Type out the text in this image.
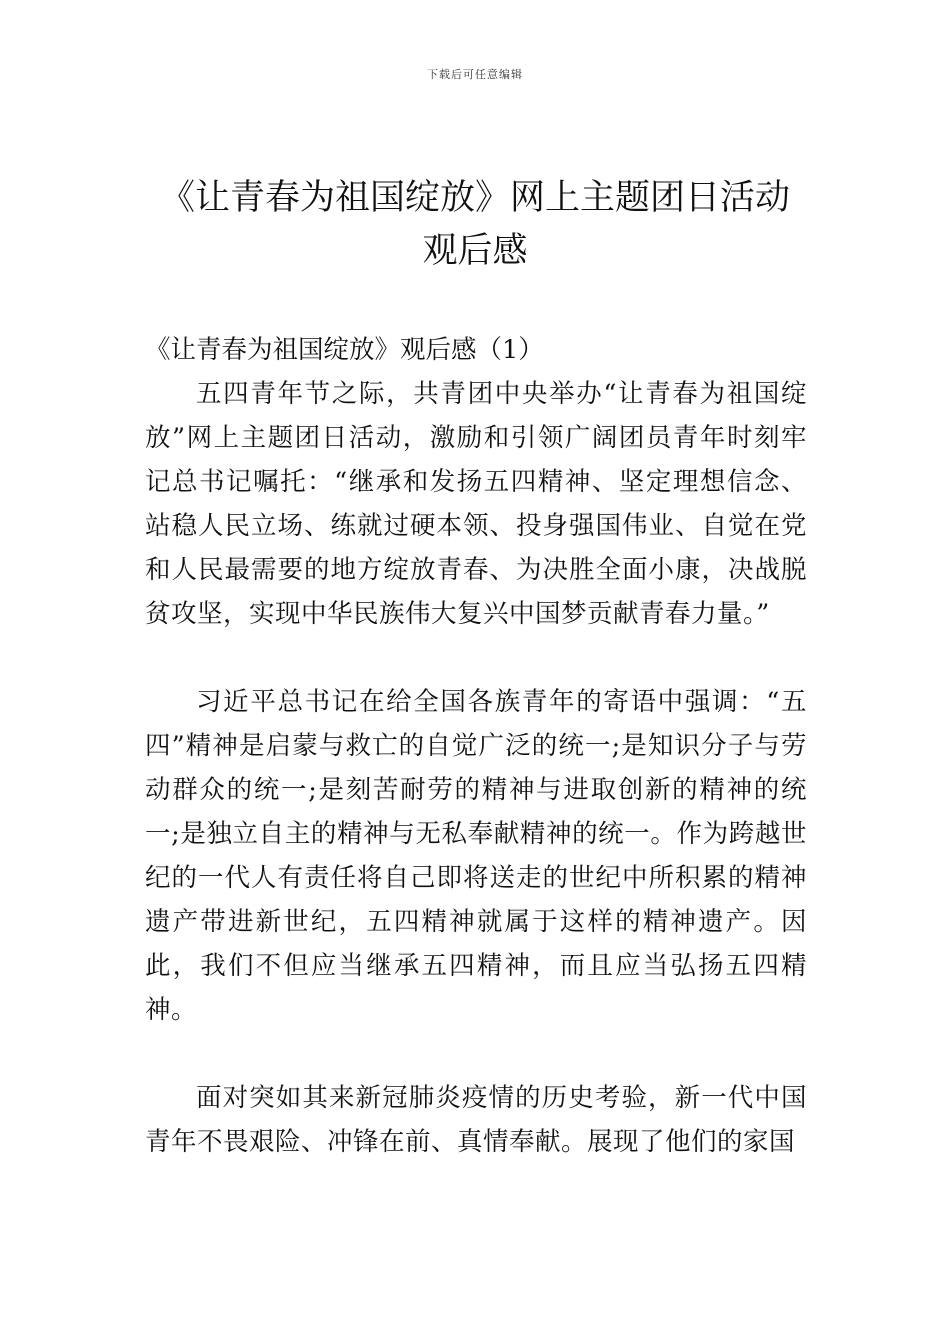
下载后可任意编辑
《让青春为祖国绽放》网上主题团日活动
观后感

《让青春为祖国绽放》观后感（1）

五四青年节之际，共青团中央举办“让青春为祖国绽放”网上主题团日活动，激励和引领广阔团员青年时刻牢记总书记嘱托：“继承和发扬五四精神、坚定理想信念、站稳人民立场、练就过硬本领、投身强国伟业、自觉在党和人民最需要的地方绽放青春、为决胜全面小康，决战脱贫攻坚，实现中华民族伟大复兴中国梦贡献青春力量。”

习近平总书记在给全国各族青年的寄语中强调：“五四”精神是启蒙与救亡的自觉广泛的统一;是知识分子与劳动群众的统一;是刻苦耐劳的精神与进取创新的精神的统一;是独立自主的精神与无私奉献精神的统一。作为跨越世纪的一代人有责任将自己即将送走的世纪中所积累的精神遗产带进新世纪，五四精神就属于这样的精神遗产。因此，我们不但应当继承五四精神，而且应当弘扬五四精神。

面对突如其来新冠肺炎疫情的历史考验，新一代中国青年不畏艰险、冲锋在前、真情奉献。展现了他们的家国
